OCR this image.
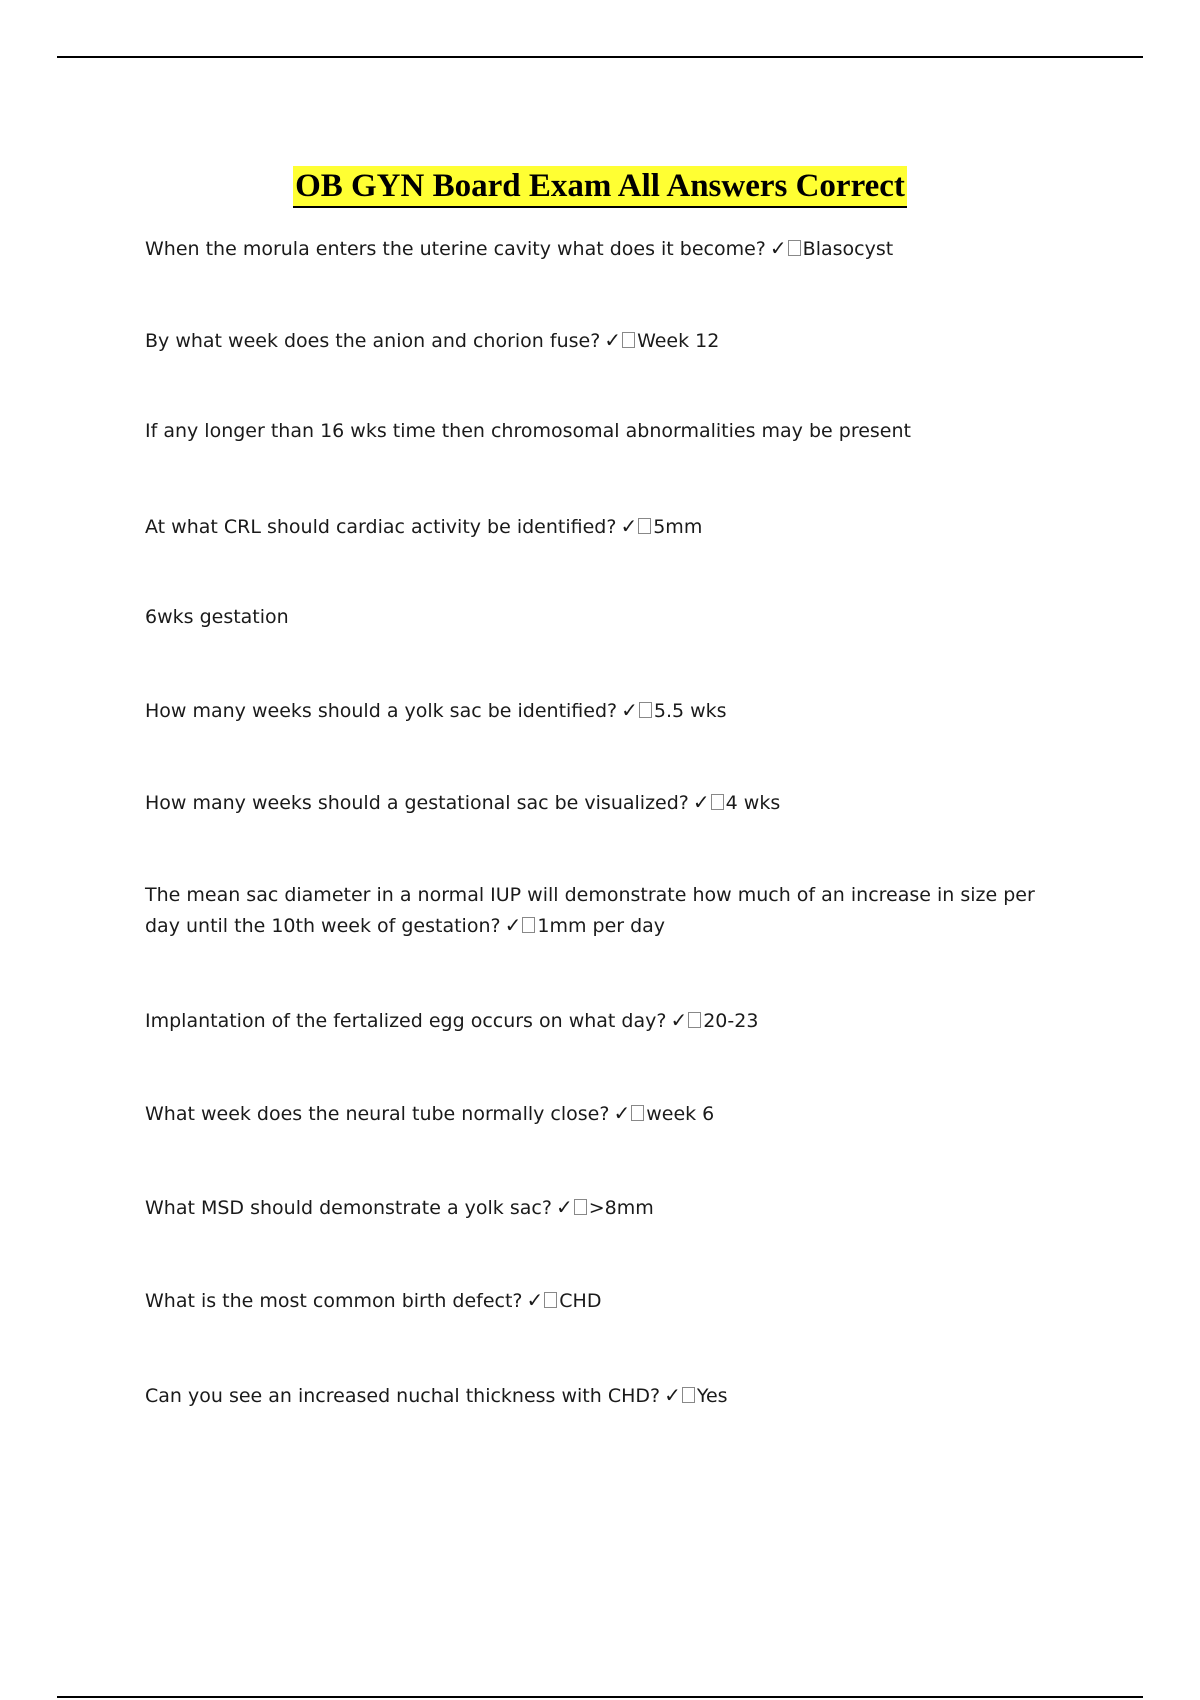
OB GYN Board Exam All Answers Correct
When the morula enters the uterine cavity what does it become? ✓ Blasocyst
By what week does the anion and chorion fuse? ✓ Week 12
If any longer than 16 wks time then chromosomal abnormalities may be present
At what CRL should cardiac activity be identified? ✓ 5mm
6wks gestation
How many weeks should a yolk sac be identified? ✓ 5.5 wks
How many weeks should a gestational sac be visualized? ✓ 4 wks
The mean sac diameter in a normal IUP will demonstrate how much of an increase in size per day until the 10th week of gestation? ✓ 1mm per day
Implantation of the fertalized egg occurs on what day? ✓ 20-23
What week does the neural tube normally close? ✓ week 6
What MSD should demonstrate a yolk sac? ✓ >8mm
What is the most common birth defect? ✓ CHD
Can you see an increased nuchal thickness with CHD? ✓ Yes
